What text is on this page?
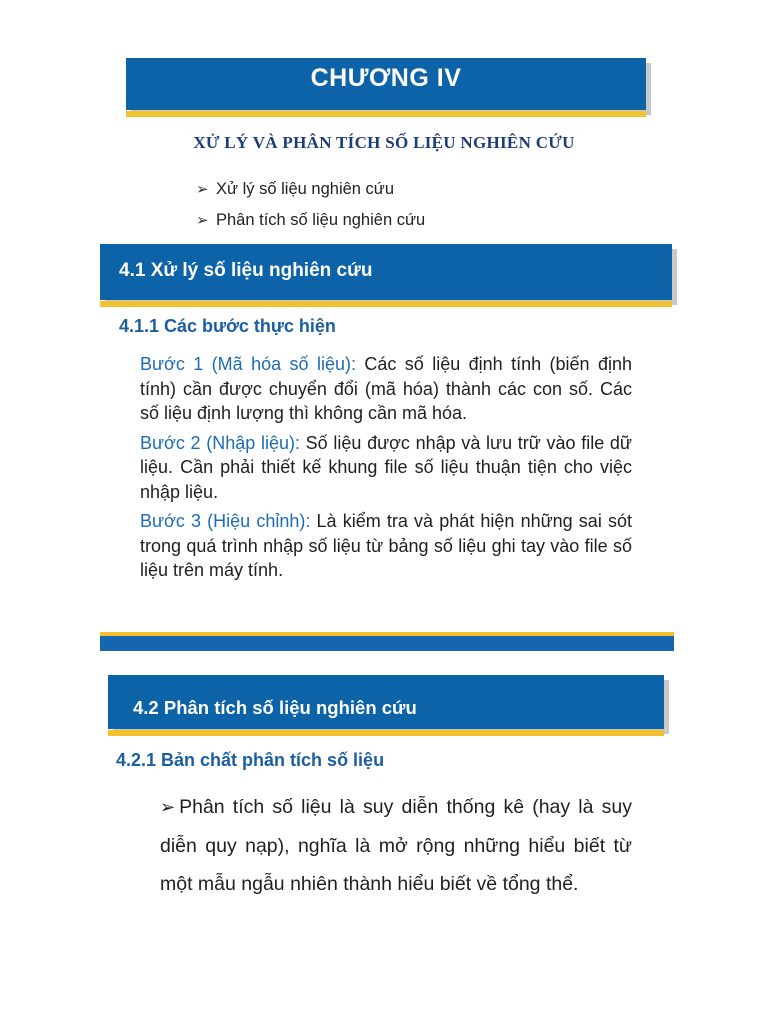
CHƯƠNG IV
XỬ LÝ VÀ PHÂN TÍCH SỐ LIỆU NGHIÊN CỨU
➢ Xử lý số liệu nghiên cứu
➢ Phân tích số liệu nghiên cứu
4.1 Xử lý số liệu nghiên cứu
4.1.1 Các bước thực hiện

Bước 1 (Mã hóa số liệu): Các số liệu định tính (biến định tính) cần được chuyển đổi (mã hóa) thành các con số. Các số liệu định lượng thì không cần mã hóa.

Bước 2 (Nhập liệu): Số liệu được nhập và lưu trữ vào file dữ liệu. Cần phải thiết kế khung file số liệu thuận tiện cho việc nhập liệu.

Bước 3 (Hiệu chỉnh): Là kiểm tra và phát hiện những sai sót trong quá trình nhập số liệu từ bảng số liệu ghi tay vào file số liệu trên máy tính.

4.2 Phân tích số liệu nghiên cứu
4.2.1 Bản chất phân tích số liệu
➢ Phân tích số liệu là suy diễn thống kê (hay là suy diễn quy nạp), nghĩa là mở rộng những hiểu biết từ một mẫu ngẫu nhiên thành hiểu biết về tổng thể.
